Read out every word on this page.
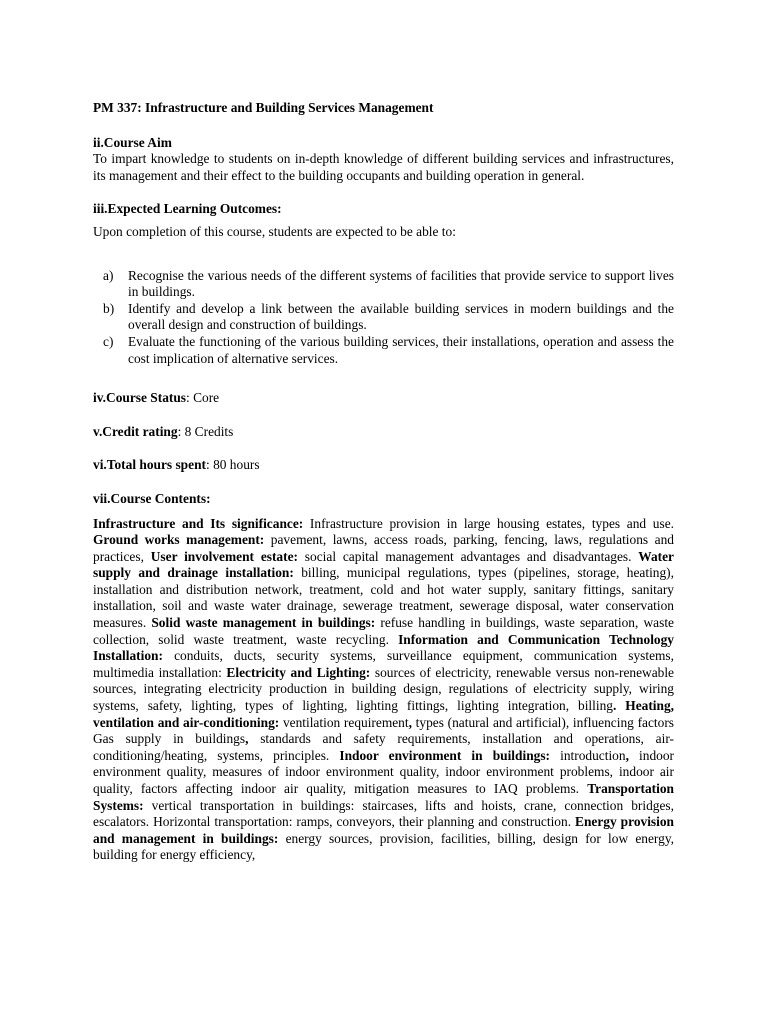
PM 337: Infrastructure and Building Services Management

ii.Course Aim

To impart knowledge to students on in-depth knowledge of different building services and infrastructures, its management and their effect to the building occupants and building operation in general.

iii.Expected Learning Outcomes:

Upon completion of this course, students are expected to be able to:

a) Recognise the various needs of the different systems of facilities that provide service to support lives in buildings.
b) Identify and develop a link between the available building services in modern buildings and the overall design and construction of buildings.
c) Evaluate the functioning of the various building services, their installations, operation and assess the cost implication of alternative services.

iv.Course Status: Core

v.Credit rating: 8 Credits

vi.Total hours spent: 80 hours

vii.Course Contents:

Infrastructure and Its significance: Infrastructure provision in large housing estates, types and use. Ground works management: pavement, lawns, access roads, parking, fencing, laws, regulations and practices, User involvement estate: social capital management advantages and disadvantages. Water supply and drainage installation: billing, municipal regulations, types (pipelines, storage, heating), installation and distribution network, treatment, cold and hot water supply, sanitary fittings, sanitary installation, soil and waste water drainage, sewerage treatment, sewerage disposal, water conservation measures. Solid waste management in buildings: refuse handling in buildings, waste separation, waste collection, solid waste treatment, waste recycling. Information and Communication Technology Installation: conduits, ducts, security systems, surveillance equipment, communication systems, multimedia installation: Electricity and Lighting: sources of electricity, renewable versus non-renewable sources, integrating electricity production in building design, regulations of electricity supply, wiring systems, safety, lighting, types of lighting, lighting fittings, lighting integration, billing. Heating, ventilation and air-conditioning: ventilation requirement, types (natural and artificial), influencing factors Gas supply in buildings, standards and safety requirements, installation and operations, air-conditioning/heating, systems, principles. Indoor environment in buildings: introduction, indoor environment quality, measures of indoor environment quality, indoor environment problems, indoor air quality, factors affecting indoor air quality, mitigation measures to IAQ problems. Transportation Systems: vertical transportation in buildings: staircases, lifts and hoists, crane, connection bridges, escalators. Horizontal transportation: ramps, conveyors, their planning and construction. Energy provision and management in buildings: energy sources, provision, facilities, billing, design for low energy, building for energy efficiency,
